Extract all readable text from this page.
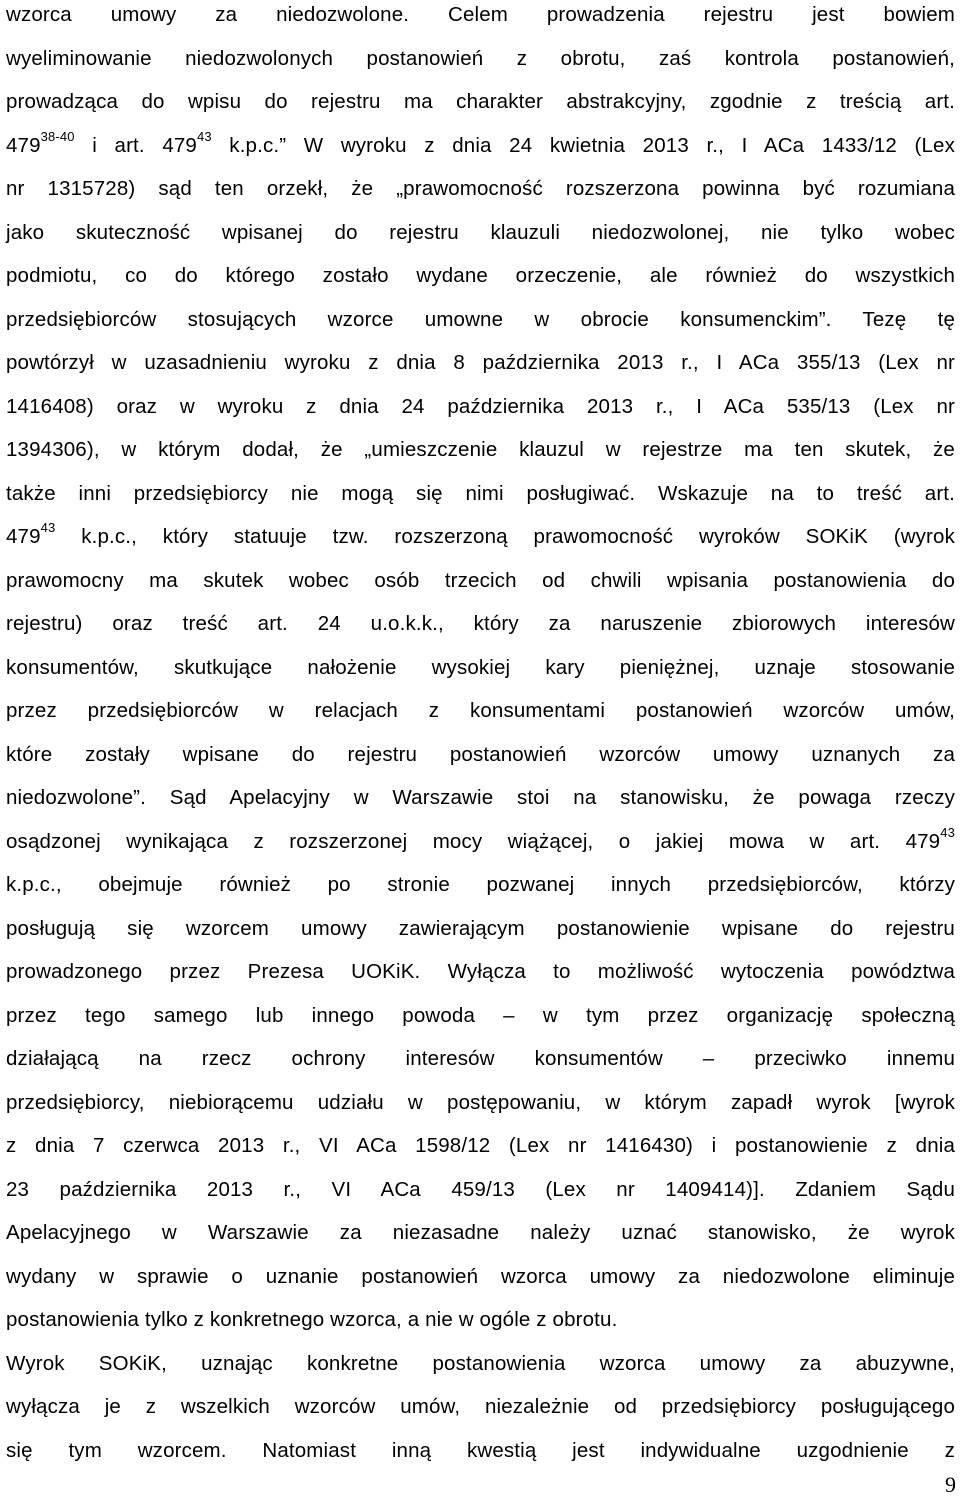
wzorca umowy za niedozwolone. Celem prowadzenia rejestru jest bowiem
wyeliminowanie niedozwolonych postanowień z obrotu, zaś kontrola postanowień,
prowadząca do wpisu do rejestru ma charakter abstrakcyjny, zgodnie z treścią art.
479$^{38-40}$ i art. $479^{43}$ k.p.c.” W wyroku z dnia 24 kwietnia 2013 r., I ACa 1433/12 (Lex
nr 1315728) sąd ten orzekł, że „prawomocność rozszerzona powinna być rozumiana
jako skuteczność wpisanej do rejestru klauzuli niedozwolonej, nie tylko wobec
podmiotu, co do którego zostało wydane orzeczenie, ale również do wszystkich
przedsiębiorców stosujących wzorce umowne w obrocie konsumenckim”. Tezę tę
powtórzył w uzasadnieniu wyroku z dnia 8 października 2013 r., I ACa 355/13 (Lex nr
1416408) oraz w wyroku z dnia 24 października 2013 r., I ACa 535/13 (Lex nr
1394306), w którym dodał, że „umieszczenie klauzul w rejestrze ma ten skutek, że
także inni przedsiębiorcy nie mogą się nimi posługiwać. Wskazuje na to treść art.
$479^{43}$ k.p.c., który statuuje tzw. rozszerzoną prawomocność wyroków SOKiK (wyrok
prawomocny ma skutek wobec osób trzecich od chwili wpisania postanowienia do
rejestru) oraz treść art. 24 u.o.k.k., który za naruszenie zbiorowych interesów
konsumentów, skutkujące nałożenie wysokiej kary pieniężnej, uznaje stosowanie
przez przedsiębiorców w relacjach z konsumentami postanowień wzorców umów,
które zostały wpisane do rejestru postanowień wzorców umowy uznanych za
niedozwolone”. Sąd Apelacyjny w Warszawie stoi na stanowisku, że powaga rzeczy
osądzonej wynikająca z rozszerzonej mocy wiążącej, o jakiej mowa w art. $479^{43}$
k.p.c., obejmuje również po stronie pozwanej innych przedsiębiorców, którzy
posługują się wzorcem umowy zawierającym postanowienie wpisane do rejestru
prowadzonego przez Prezesa UOKiK. Wyłącza to możliwość wytoczenia powództwa
przez tego samego lub innego powoda – w tym przez organizację społeczną
działającą na rzecz ochrony interesów konsumentów – przeciwko innemu
przedsiębiorcy, niebiorącemu udziału w postępowaniu, w którym zapadł wyrok [wyrok
z dnia 7 czerwca 2013 r., VI ACa 1598/12 (Lex nr 1416430) i postanowienie z dnia
23 października 2013 r., VI ACa 459/13 (Lex nr 1409414)]. Zdaniem Sądu
Apelacyjnego w Warszawie za niezasadne należy uznać stanowisko, że wyrok
wydany w sprawie o uznanie postanowień wzorca umowy za niedozwolone eliminuje
postanowienia tylko z konkretnego wzorca, a nie w ogóle z obrotu.
Wyrok SOKiK, uznając konkretne postanowienia wzorca umowy za abuzywne,
wyłącza je z wszelkich wzorców umów, niezależnie od przedsiębiorcy posługującego
się tym wzorcem. Natomiast inną kwestią jest indywidualne uzgodnienie z
9
